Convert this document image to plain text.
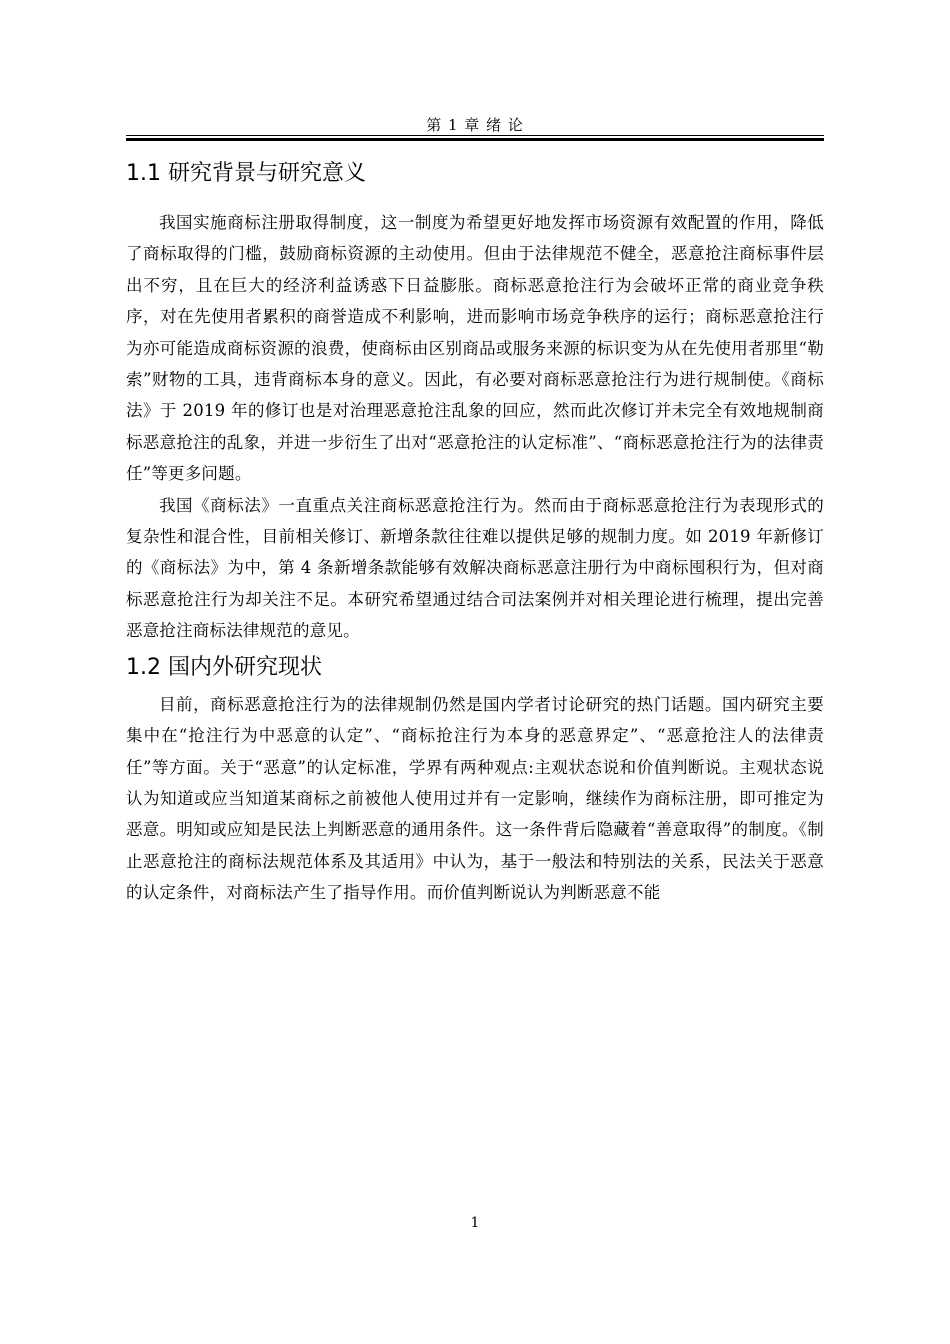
第 1 章 绪 论
1.1 研究背景与研究意义

我国实施商标注册取得制度，这一制度为希望更好地发挥市场资源有效配置的作用，降低了商标取得的门槛，鼓励商标资源的主动使用。但由于法律规范不健全，恶意抢注商标事件层出不穷，且在巨大的经济利益诱惑下日益膨胀。商标恶意抢注行为会破坏正常的商业竞争秩序，对在先使用者累积的商誉造成不利影响，进而影响市场竞争秩序的运行；商标恶意抢注行为亦可能造成商标资源的浪费，使商标由区别商品或服务来源的标识变为从在先使用者那里“勒索”财物的工具，违背商标本身的意义。因此，有必要对商标恶意抢注行为进行规制使。《商标法》于 2019 年的修订也是对治理恶意抢注乱象的回应，然而此次修订并未完全有效地规制商标恶意抢注的乱象，并进一步衍生了出对“恶意抢注的认定标准”、“商标恶意抢注行为的法律责任”等更多问题。

我国《商标法》一直重点关注商标恶意抢注行为。然而由于商标恶意抢注行为表现形式的复杂性和混合性，目前相关修订、新增条款往往难以提供足够的规制力度。如 2019 年新修订的《商标法》为中，第 4 条新增条款能够有效解决商标恶意注册行为中商标囤积行为，但对商标恶意抢注行为却关注不足。本研究希望通过结合司法案例并对相关理论进行梳理，提出完善恶意抢注商标法律规范的意见。

1.2 国内外研究现状

目前，商标恶意抢注行为的法律规制仍然是国内学者讨论研究的热门话题。国内研究主要集中在“抢注行为中恶意的认定”、“商标抢注行为本身的恶意界定”、“恶意抢注人的法律责任”等方面。关于“恶意”的认定标准，学界有两种观点:主观状态说和价值判断说。主观状态说认为知道或应当知道某商标之前被他人使用过并有一定影响，继续作为商标注册，即可推定为恶意。明知或应知是民法上判断恶意的通用条件。这一条件背后隐藏着“善意取得”的制度。《制止恶意抢注的商标法规范体系及其适用》中认为，基于一般法和特别法的关系，民法关于恶意的认定条件，对商标法产生了指导作用。而价值判断说认为判断恶意不能

1
